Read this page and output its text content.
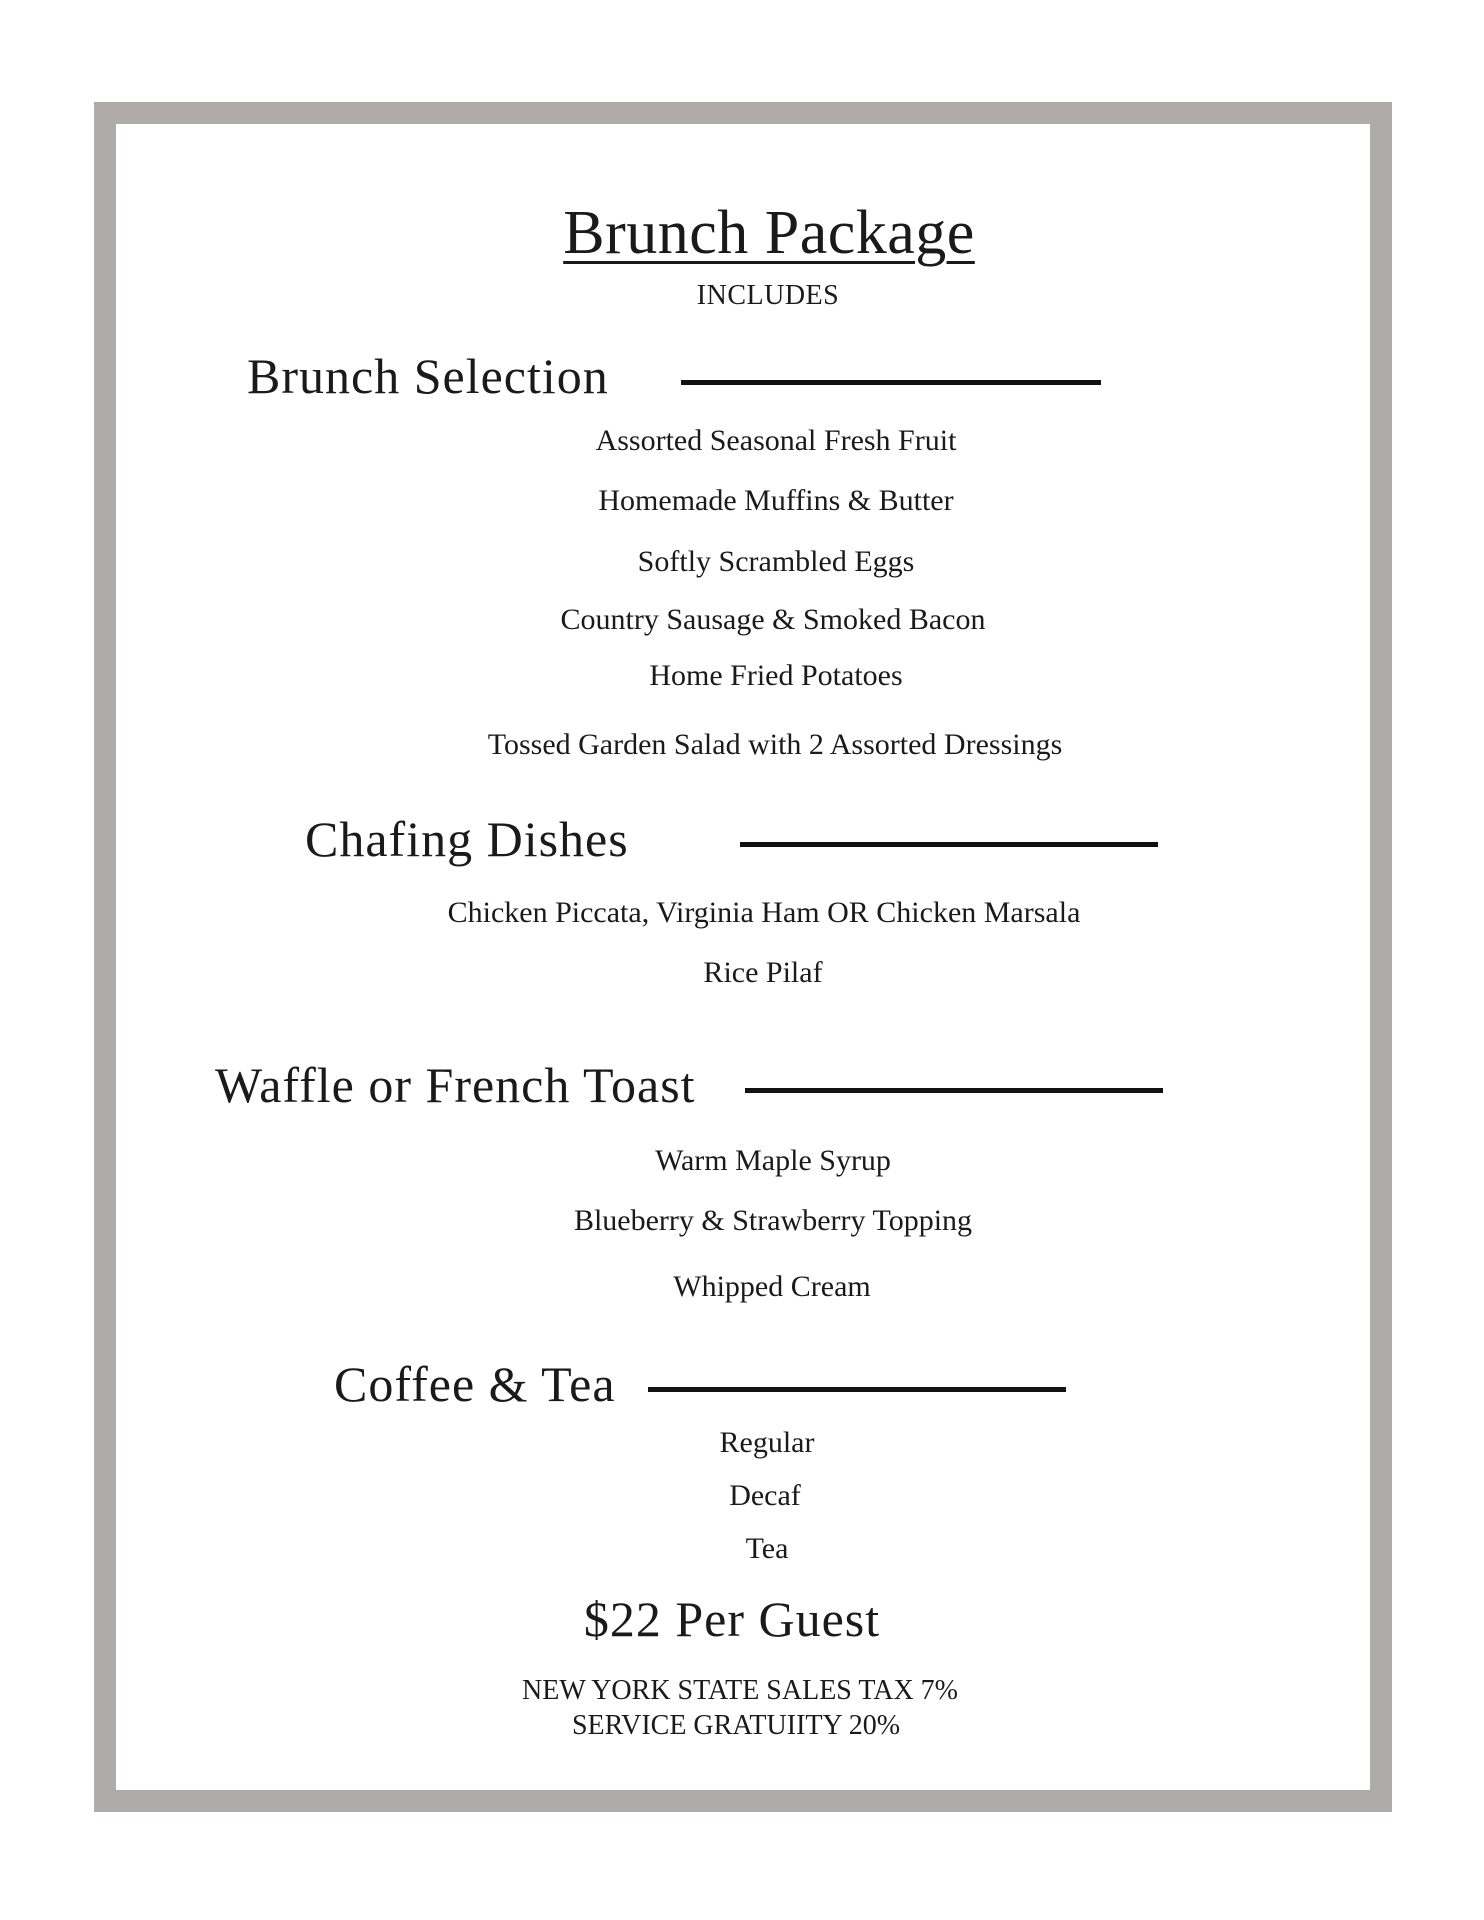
Brunch Package
INCLUDES
Brunch Selection
Assorted Seasonal Fresh Fruit
Homemade Muffins & Butter
Softly Scrambled Eggs
Country Sausage & Smoked Bacon
Home Fried Potatoes
Tossed Garden Salad with 2 Assorted Dressings
Chafing Dishes
Chicken Piccata, Virginia Ham OR Chicken Marsala
Rice Pilaf
Waffle or French Toast
Warm Maple Syrup
Blueberry & Strawberry Topping
Whipped Cream
Coffee & Tea
Regular
Decaf
Tea
$22 Per Guest
NEW YORK STATE SALES TAX 7%
SERVICE GRATUIITY 20%
